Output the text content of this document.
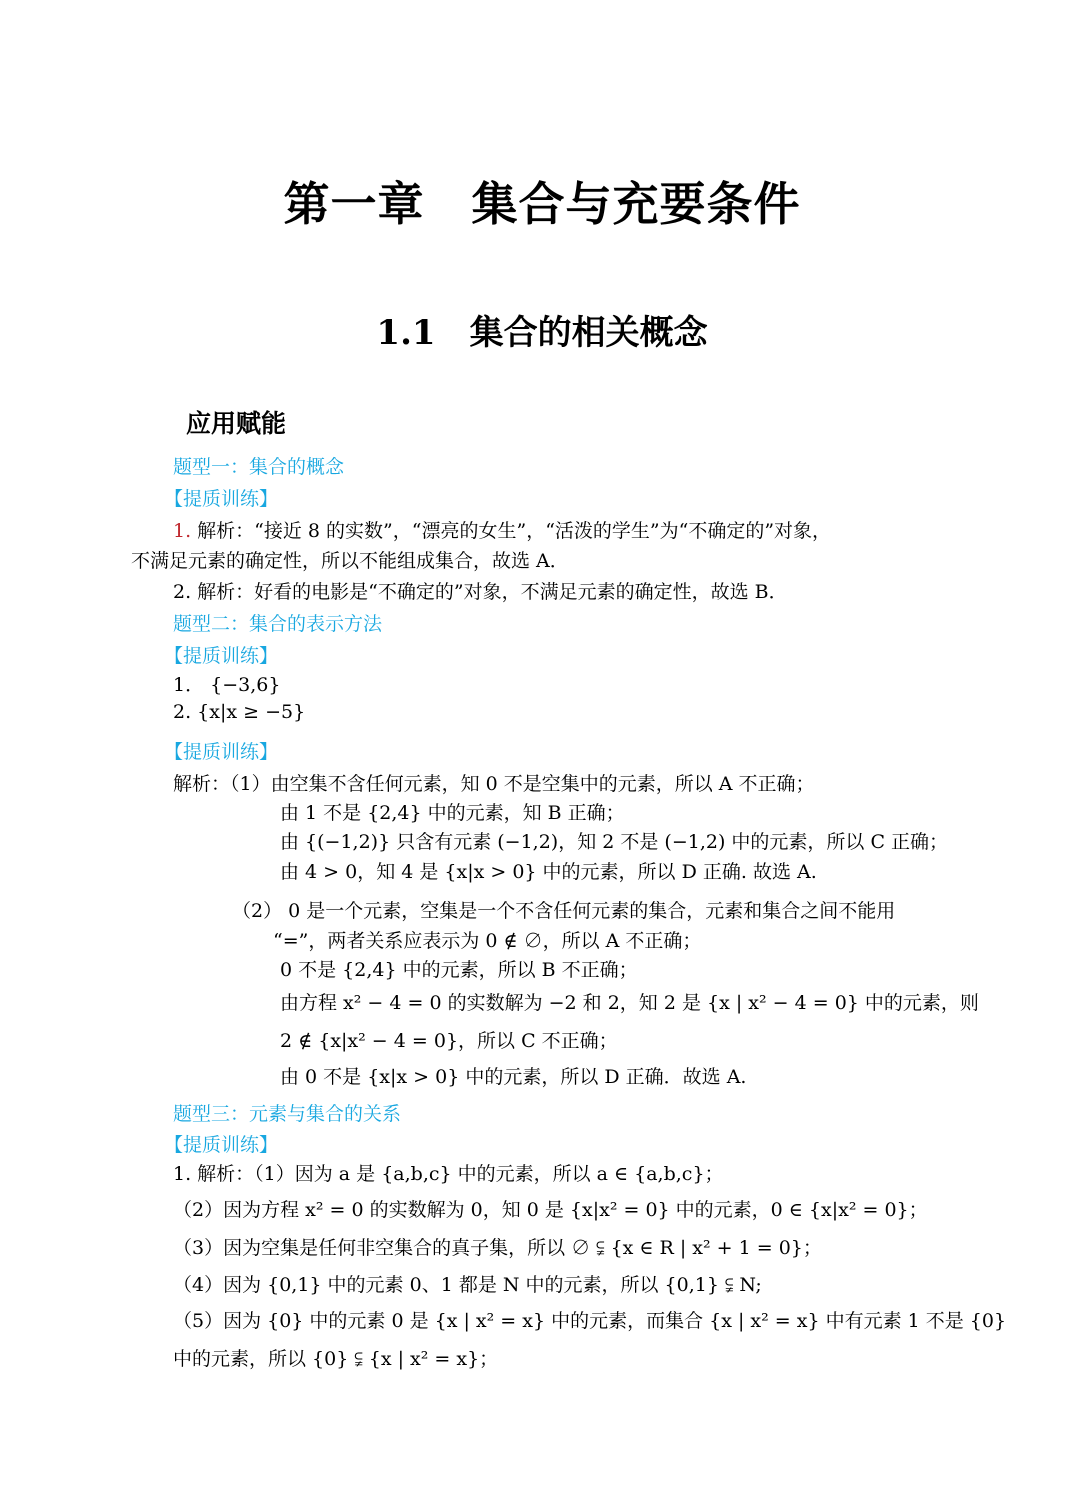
第一章　集合与充要条件
1.1　集合的相关概念
应用赋能
题型一：集合的概念
【提质训练】
1. 解析：“接近 8 的实数”，“漂亮的女生”，“活泼的学生”为“不确定的”对象，
不满足元素的确定性，所以不能组成集合，故选 A．
2. 解析：好看的电影是“不确定的”对象，不满足元素的确定性，故选 B．
题型二：集合的表示方法
【提质训练】
1． {−3,6}
2. {x|x ≥ −5}
【提质训练】
解析：（1）由空集不含任何元素，知 0 不是空集中的元素，所以 A 不正确；
由 1 不是 {2,4} 中的元素，知 B 正确；
由 {(−1,2)} 只含有元素 (−1,2)，知 2 不是 (−1,2) 中的元素，所以 C 正确；
由 4 > 0，知 4 是 {x|x > 0} 中的元素，所以 D 正确. 故选 A.
（2） 0 是一个元素，空集是一个不含任何元素的集合，元素和集合之间不能用
“=”，两者关系应表示为 0 ∉ ∅，所以 A 不正确；
0 不是 {2,4} 中的元素，所以 B 不正确；
由方程 x² − 4 = 0 的实数解为 −2 和 2，知 2 是 {x | x² − 4 = 0} 中的元素，则
2 ∉ {x|x² − 4 = 0}，所以 C 不正确；
由 0 不是 {x|x > 0} 中的元素，所以 D 正确．故选 A.
题型三：元素与集合的关系
【提质训练】
1. 解析：（1）因为 a 是 {a,b,c} 中的元素，所以 a ∈ {a,b,c}；
（2）因为方程 x² = 0 的实数解为 0，知 0 是 {x|x² = 0} 中的元素，0 ∈ {x|x² = 0}；
（3）因为空集是任何非空集合的真子集，所以 ∅ ⫋ {x ∈ R | x² + 1 = 0}；
（4）因为 {0,1} 中的元素 0、1 都是 N 中的元素，所以 {0,1} ⫋ N;
（5）因为 {0} 中的元素 0 是 {x | x² = x} 中的元素，而集合 {x | x² = x} 中有元素 1 不是 {0}
中的元素，所以 {0} ⫋ {x | x² = x}；
